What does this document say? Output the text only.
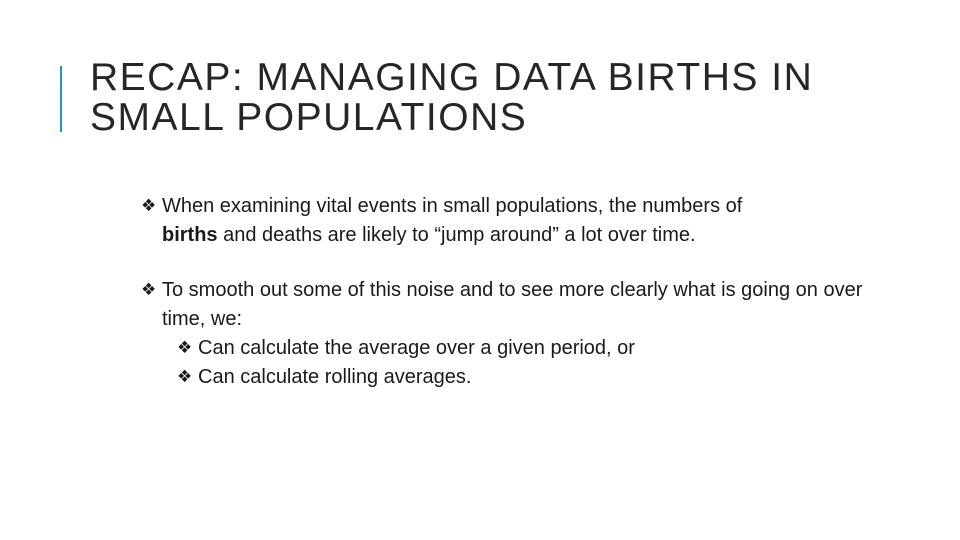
RECAP: MANAGING DATA BIRTHS IN
SMALL POPULATIONS

❖ When examining vital events in small populations, the numbers of
births and deaths are likely to “jump around” a lot over time.

❖ To smooth out some of this noise and to see more clearly what is going on over time, we:

❖ Can calculate the average over a given period, or

❖ Can calculate rolling averages.
